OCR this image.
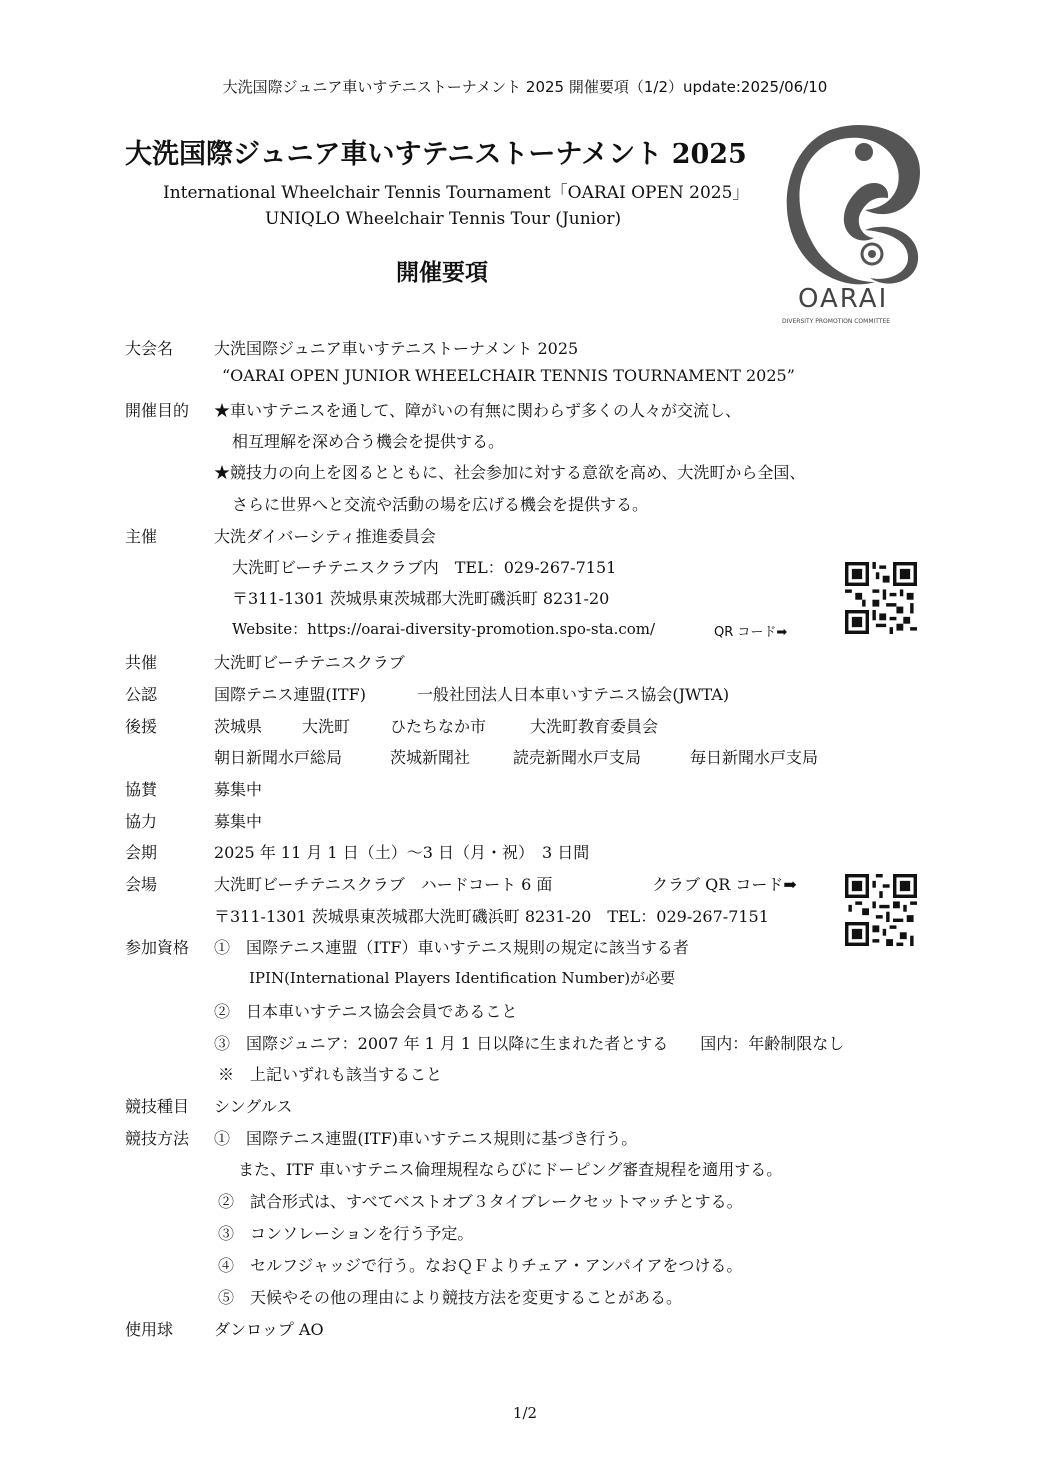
大洗国際ジュニア車いすテニストーナメント 2025 開催要項（1/2）update:2025/06/10
大洗国際ジュニア車いすテニストーナメント 2025
International Wheelchair Tennis Tournament「OARAI OPEN 2025」
UNIQLO Wheelchair Tennis Tour (Junior)
開催要項
OARAI
DIVERSITY PROMOTION COMMITTEE
大会名	大洗国際ジュニア車いすテニストーナメント 2025
“OARAI OPEN JUNIOR WHEELCHAIR TENNIS TOURNAMENT 2025”
開催目的 ★車いすテニスを通して、障がいの有無に関わらず多くの人々が交流し、
相互理解を深め合う機会を提供する。
★競技力の向上を図るとともに、社会参加に対する意欲を高め、大洗町から全国、
さらに世界へと交流や活動の場を広げる機会を提供する。
主催	大洗ダイバーシティ推進委員会
大洗町ビーチテニスクラブ内　TEL：029-267-7151
〒311-1301 茨城県東茨城郡大洗町磯浜町 8231-20
Website：https://oarai-diversity-promotion.spo-sta.com/	QR コード➡
共催	大洗町ビーチテニスクラブ
公認	国際テニス連盟(ITF)	一般社団法人日本車いすテニス協会(JWTA)
後援	茨城県 大洗町 ひたちなか市	大洗町教育委員会
朝日新聞水戸総局	茨城新聞社	読売新聞水戸支局	毎日新聞水戸支局
協賛	募集中
協力	募集中
会期	2025 年 11 月 1 日（土）～3 日（月・祝）　3 日間
会場	大洗町ビーチテニスクラブ　ハードコート 6 面	クラブ QR コード➡
〒311-1301 茨城県東茨城郡大洗町磯浜町 8231-20　TEL：029-267-7151
参加資格 ①　国際テニス連盟（ITF）車いすテニス規則の規定に該当する者
IPIN(International Players Identification Number)が必要
②　日本車いすテニス協会会員であること
③　国際ジュニア：2007 年 1 月 1 日以降に生まれた者とする　　国内：年齢制限なし
※　上記いずれも該当すること
競技種目 シングルス
競技方法 ①　国際テニス連盟(ITF)車いすテニス規則に基づき行う。
また、ITF 車いすテニス倫理規程ならびにドーピング審査規程を適用する。
②　試合形式は、すべてベストオブ３タイブレークセットマッチとする。
③　コンソレーションを行う予定。
④　セルフジャッジで行う。なおＱＦよりチェア・アンパイアをつける。
⑤　天候やその他の理由により競技方法を変更することがある。
使用球	ダンロップ AO
1/2
